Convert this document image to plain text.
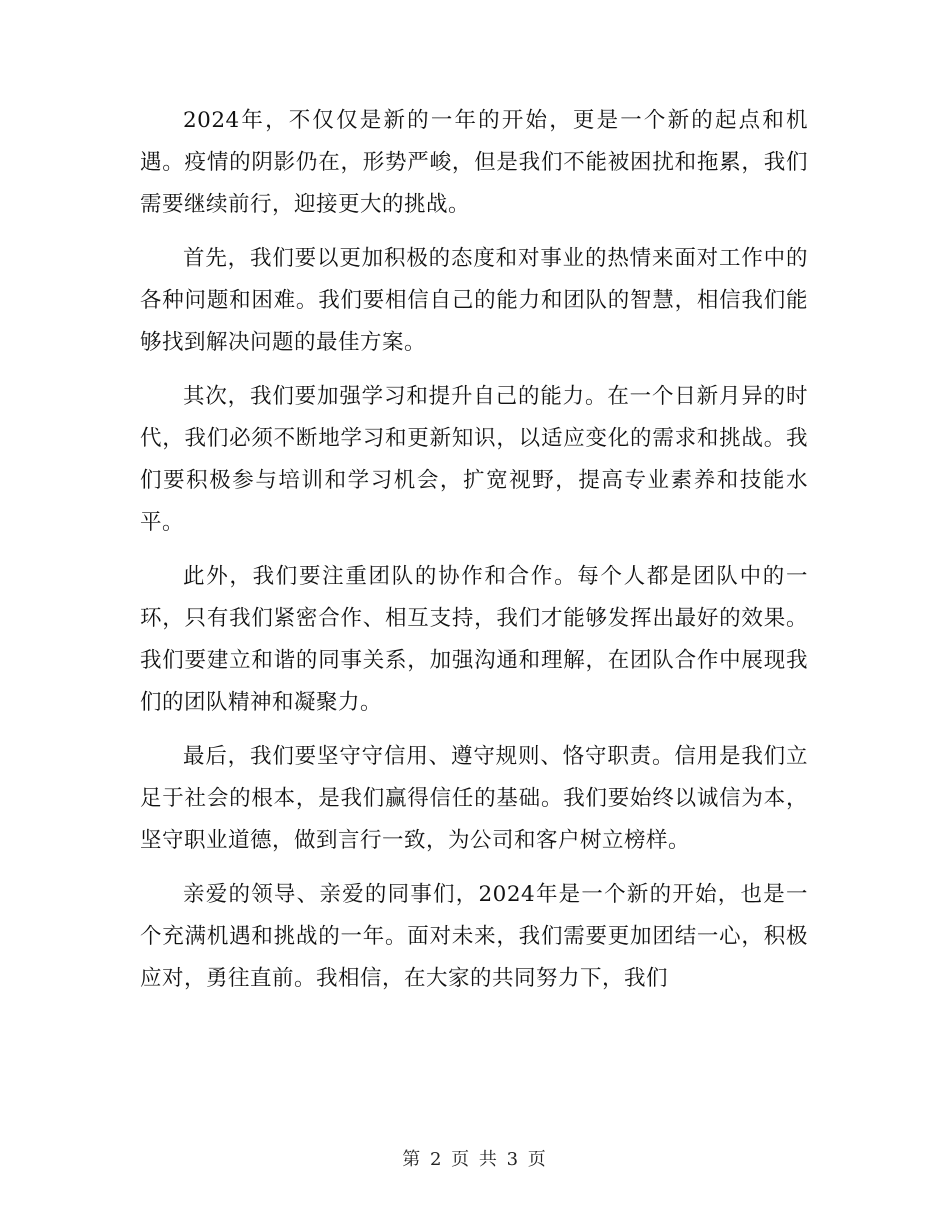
2024年，不仅仅是新的一年的开始，更是一个新的起点和机遇。疫情的阴影仍在，形势严峻，但是我们不能被困扰和拖累，我们需要继续前行，迎接更大的挑战。

首先，我们要以更加积极的态度和对事业的热情来面对工作中的各种问题和困难。我们要相信自己的能力和团队的智慧，相信我们能够找到解决问题的最佳方案。

其次，我们要加强学习和提升自己的能力。在一个日新月异的时代，我们必须不断地学习和更新知识，以适应变化的需求和挑战。我们要积极参与培训和学习机会，扩宽视野，提高专业素养和技能水平。

此外，我们要注重团队的协作和合作。每个人都是团队中的一环，只有我们紧密合作、相互支持，我们才能够发挥出最好的效果。我们要建立和谐的同事关系，加强沟通和理解，在团队合作中展现我们的团队精神和凝聚力。

最后，我们要坚守守信用、遵守规则、恪守职责。信用是我们立足于社会的根本，是我们赢得信任的基础。我们要始终以诚信为本，坚守职业道德，做到言行一致，为公司和客户树立榜样。

亲爱的领导、亲爱的同事们，2024年是一个新的开始，也是一个充满机遇和挑战的一年。面对未来，我们需要更加团结一心，积极应对，勇往直前。我相信，在大家的共同努力下，我们

第 2 页 共 3 页
